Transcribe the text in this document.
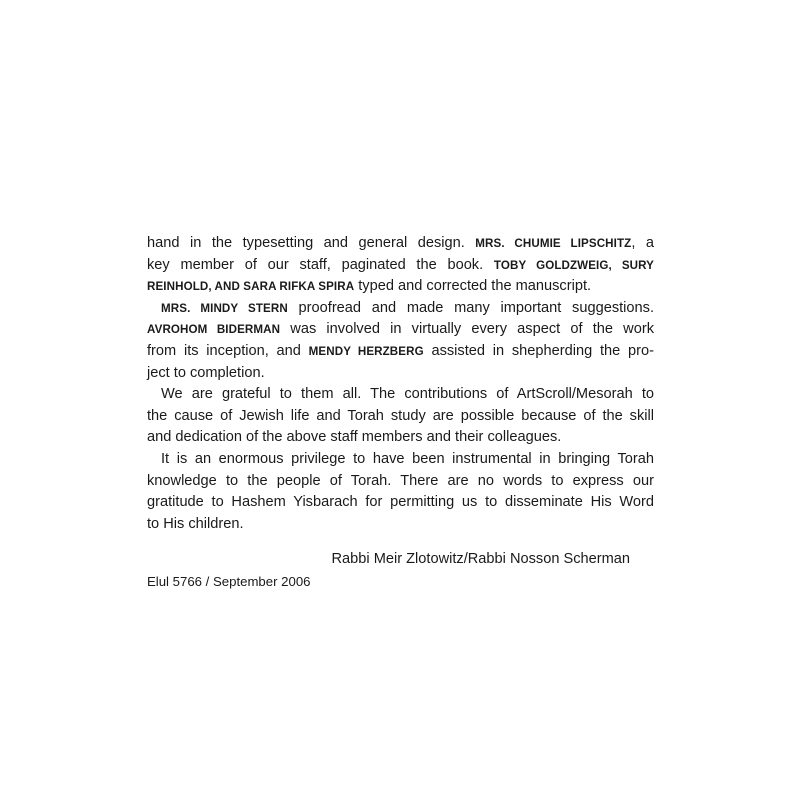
hand in the typesetting and general design. MRS. CHUMIE LIPSCHITZ, a
key member of our staff, paginated the book. TOBY GOLDZWEIG, SURY
REINHOLD, AND SARA RIFKA SPIRA typed and corrected the manuscript.
MRS. MINDY STERN proofread and made many important suggestions.
AVROHOM BIDERMAN was involved in virtually every aspect of the work
from its inception, and MENDY HERZBERG assisted in shepherding the pro-
ject to completion.
We are grateful to them all. The contributions of ArtScroll/Mesorah to
the cause of Jewish life and Torah study are possible because of the skill
and dedication of the above staff members and their colleagues.
It is an enormous privilege to have been instrumental in bringing Torah
knowledge to the people of Torah. There are no words to express our
gratitude to Hashem Yisbarach for permitting us to disseminate His Word
to His children.
Rabbi Meir Zlotowitz/Rabbi Nosson Scherman
Elul 5766 / September 2006
